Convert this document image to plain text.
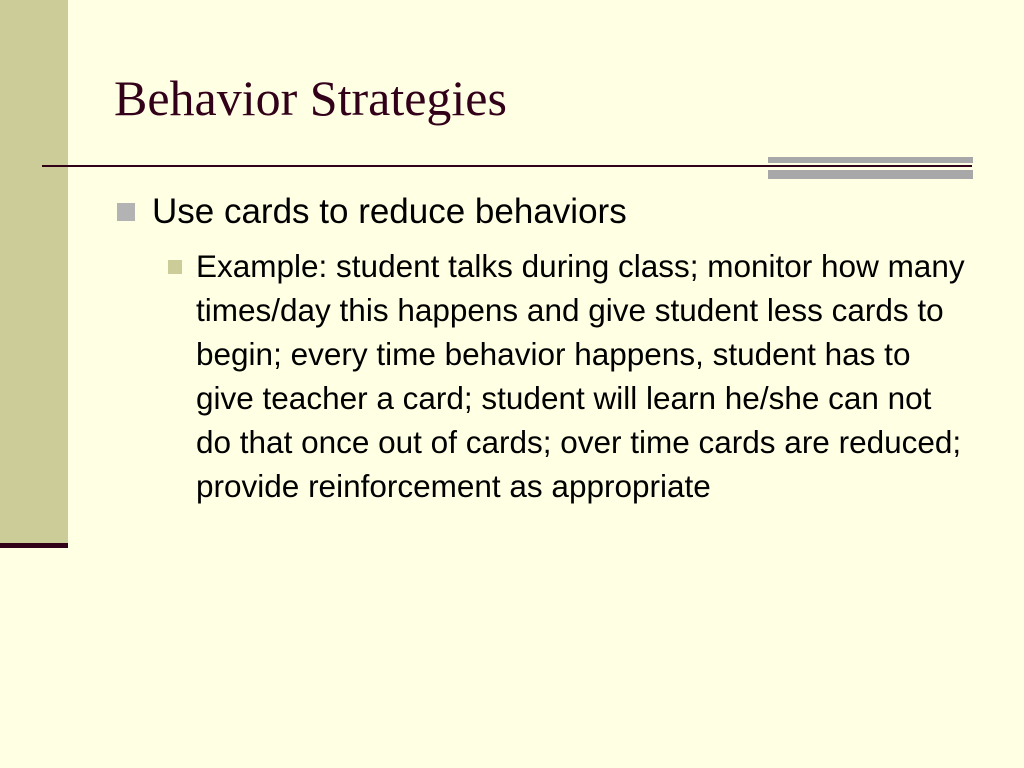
Behavior Strategies
Use cards to reduce behaviors

Example: student talks during class; monitor how many times/day this happens and give student less cards to begin; every time behavior happens, student has to give teacher a card; student will learn he/she can not do that once out of cards; over time cards are reduced; provide reinforcement as appropriate
